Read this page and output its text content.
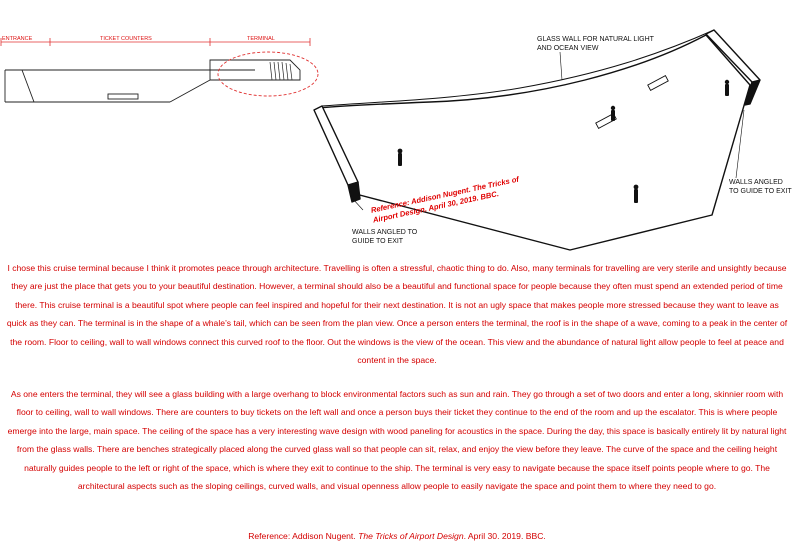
ENTRANCE	TICKET COUNTERS	TERMINAL	GLASS WALL FOR NATURAL LIGHT AND OCEAN VIEW
WALLS ANGLED TO GUIDE TO EXIT
WALLS ANGLED TO GUIDE TO EXIT
Reference: Addison Nugent. The Tricks of Airport Design. April 30, 2019. BBC.

I chose this cruise terminal because I think it promotes peace through architecture. Travelling is often a stressful, chaotic thing to do. Also, many terminals for travelling are very sterile and unsightly because they are just the place that gets you to your beautiful destination. However, a terminal should also be a beautiful and functional space for people because they often must spend an extended period of time there. This cruise terminal is a beautiful spot where people can feel inspired and hopeful for their next destination. It is not an ugly space that makes people more stressed because they want to leave as quick as they can. The terminal is in the shape of a whale’s tail, which can be seen from the plan view. Once a person enters the terminal, the roof is in the shape of a wave, coming to a peak in the center of the room. Floor to ceiling, wall to wall windows connect this curved roof to the floor. Out the windows is the view of the ocean. This view and the abundance of natural light allow people to feel at peace and content in the space.

As one enters the terminal, they will see a glass building with a large overhang to block environmental factors such as sun and rain. They go through a set of two doors and enter a long, skinnier room with floor to ceiling, wall to wall windows. There are counters to buy tickets on the left wall and once a person buys their ticket they continue to the end of the room and up the escalator. This is where people emerge into the large, main space. The ceiling of the space has a very interesting wave design with wood paneling for acoustics in the space. During the day, this space is basically entirely lit by natural light from the glass walls. There are benches strategically placed along the curved glass wall so that people can sit, relax, and enjoy the view before they leave. The curve of the space and the ceiling height naturally guides people to the left or right of the space, which is where they exit to continue to the ship. The terminal is very easy to navigate because the space itself points people where to go. The architectural aspects such as the sloping ceilings, curved walls, and visual openness allow people to easily navigate the space and point them to where they need to go.

Reference: Addison Nugent. The Tricks of Airport Design. April 30. 2019. BBC.
